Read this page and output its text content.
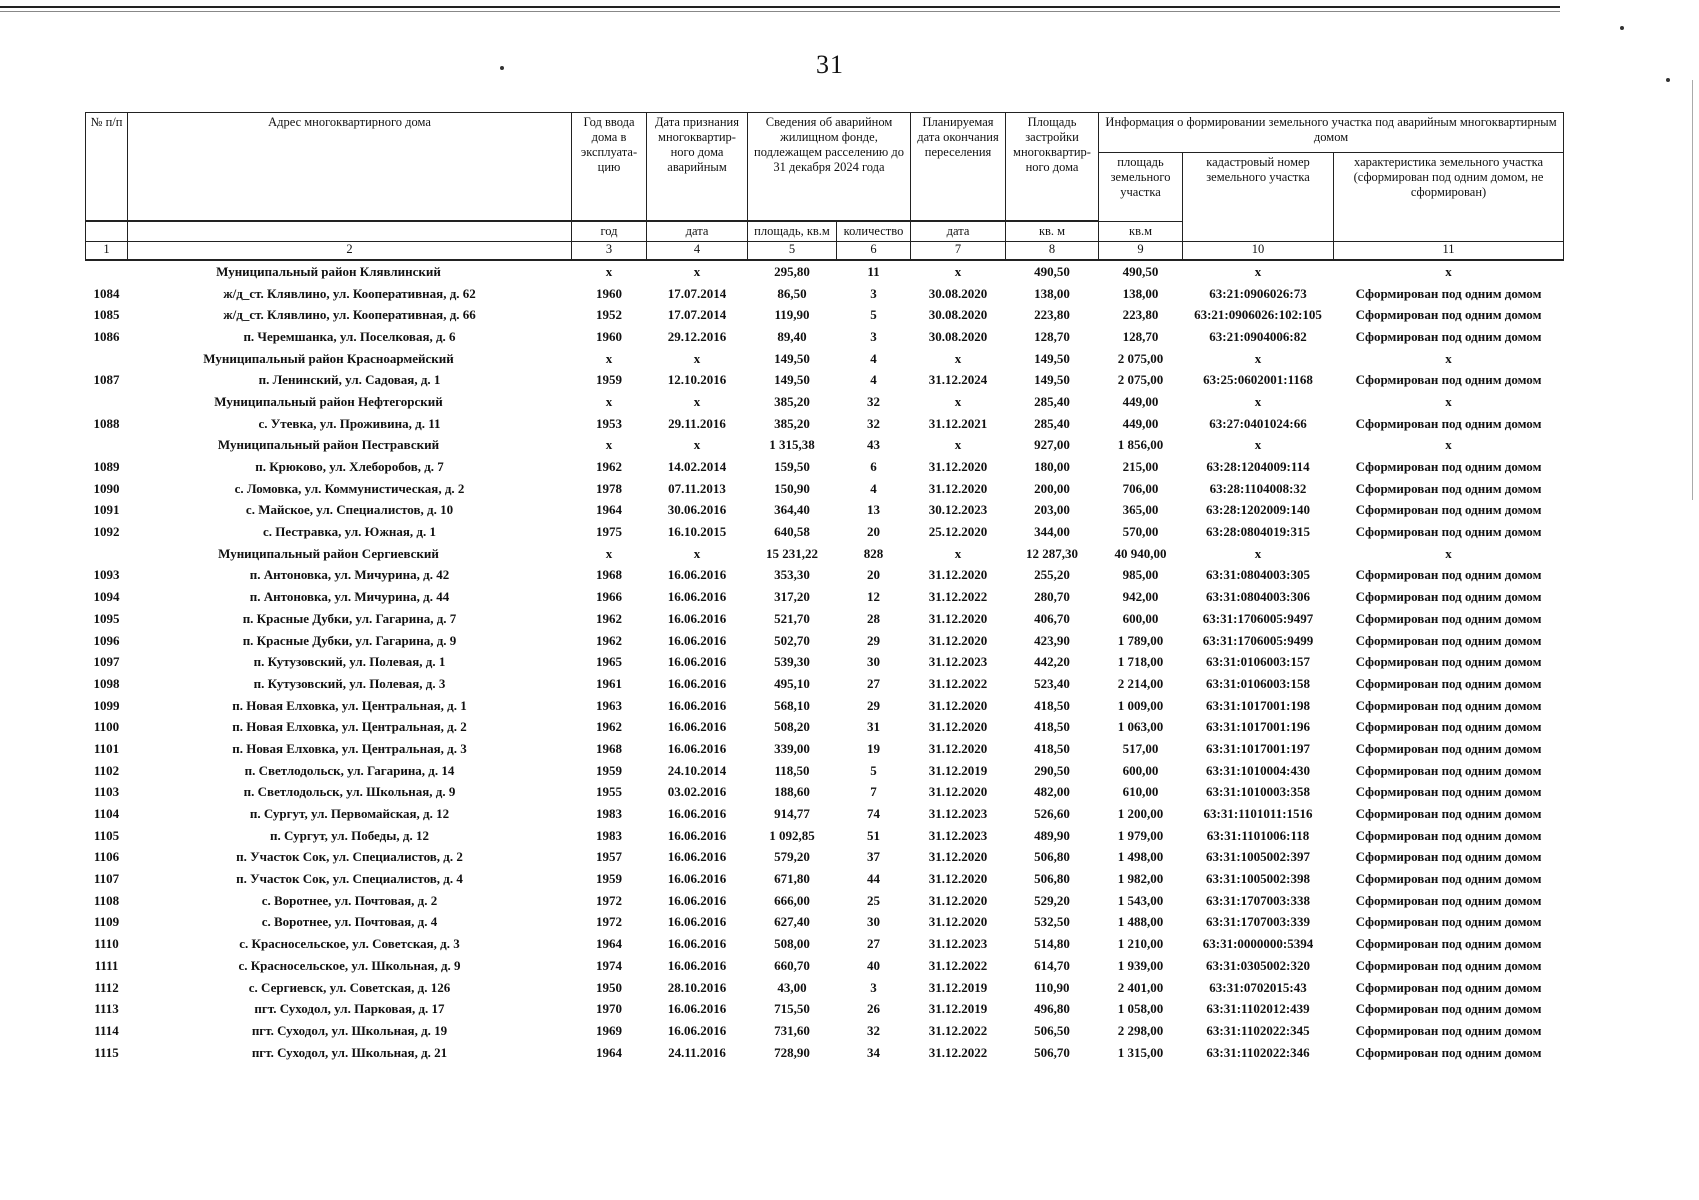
31
№ п/п	Адрес многоквартирного дома	Год ввода дома в эксплуата-цию	Дата признания многоквартир-ного дома аварийным	Сведения об аварийном жилищном фонде, подлежащем расселению до 31 декабря 2024 года		Планируемая дата окончания переселения	Площадь застройки многоквартир-ного дома	Информация о формировании земельного участка под аварийным многоквартирным домом		
								площадь земельного участка	кадастровый номер земельного участка	характеристика земельного участка (сформирован под одним домом, не сформирован)

		год	дата	площадь, кв.м	количество	дата	кв. м	кв.м		
1	2	3	4	5	6	7	8	9	10	11
Муниципальный район Клявлинский		x	x	295,80	11	x	490,50	490,50	x	x
1084	ж/д_ст. Клявлино, ул. Кооперативная, д. 62	1960	17.07.2014	86,50	3	30.08.2020	138,00	138,00	63:21:0906026:73	Сформирован под одним домом
1085	ж/д_ст. Клявлино, ул. Кооперативная, д. 66	1952	17.07.2014	119,90	5	30.08.2020	223,80	223,80	63:21:0906026:102:105	Сформирован под одним домом
1086	п. Черемшанка, ул. Поселковая, д. 6	1960	29.12.2016	89,40	3	30.08.2020	128,70	128,70	63:21:0904006:82	Сформирован под одним домом
Муниципальный район Красноармейский		x	x	149,50	4	x	149,50	2 075,00	x	x
1087	п. Ленинский, ул. Садовая, д. 1	1959	12.10.2016	149,50	4	31.12.2024	149,50	2 075,00	63:25:0602001:1168	Сформирован под одним домом
Муниципальный район Нефтегорский		x	x	385,20	32	x	285,40	449,00	x	x
1088	с. Утевка, ул. Проживина, д. 11	1953	29.11.2016	385,20	32	31.12.2021	285,40	449,00	63:27:0401024:66	Сформирован под одним домом
Муниципальный район Пестравский		x	x	1 315,38	43	x	927,00	1 856,00	x	x
1089	п. Крюково, ул. Хлеборобов, д. 7	1962	14.02.2014	159,50	6	31.12.2020	180,00	215,00	63:28:1204009:114	Сформирован под одним домом
1090	с. Ломовка, ул. Коммунистическая, д. 2	1978	07.11.2013	150,90	4	31.12.2020	200,00	706,00	63:28:1104008:32	Сформирован под одним домом
1091	с. Майское, ул. Специалистов, д. 10	1964	30.06.2016	364,40	13	30.12.2023	203,00	365,00	63:28:1202009:140	Сформирован под одним домом
1092	с. Пестравка, ул. Южная, д. 1	1975	16.10.2015	640,58	20	25.12.2020	344,00	570,00	63:28:0804019:315	Сформирован под одним домом
Муниципальный район Сергиевский		x	x	15 231,22	828	x	12 287,30	40 940,00	x	x
1093	п. Антоновка, ул. Мичурина, д. 42	1968	16.06.2016	353,30	20	31.12.2020	255,20	985,00	63:31:0804003:305	Сформирован под одним домом
1094	п. Антоновка, ул. Мичурина, д. 44	1966	16.06.2016	317,20	12	31.12.2022	280,70	942,00	63:31:0804003:306	Сформирован под одним домом
1095	п. Красные Дубки, ул. Гагарина, д. 7	1962	16.06.2016	521,70	28	31.12.2020	406,70	600,00	63:31:1706005:9497	Сформирован под одним домом
1096	п. Красные Дубки, ул. Гагарина, д. 9	1962	16.06.2016	502,70	29	31.12.2020	423,90	1 789,00	63:31:1706005:9499	Сформирован под одним домом
1097	п. Кутузовский, ул. Полевая, д. 1	1965	16.06.2016	539,30	30	31.12.2023	442,20	1 718,00	63:31:0106003:157	Сформирован под одним домом
1098	п. Кутузовский, ул. Полевая, д. 3	1961	16.06.2016	495,10	27	31.12.2022	523,40	2 214,00	63:31:0106003:158	Сформирован под одним домом
1099	п. Новая Елховка, ул. Центральная, д. 1	1963	16.06.2016	568,10	29	31.12.2020	418,50	1 009,00	63:31:1017001:198	Сформирован под одним домом
1100	п. Новая Елховка, ул. Центральная, д. 2	1962	16.06.2016	508,20	31	31.12.2020	418,50	1 063,00	63:31:1017001:196	Сформирован под одним домом
1101	п. Новая Елховка, ул. Центральная, д. 3	1968	16.06.2016	339,00	19	31.12.2020	418,50	517,00	63:31:1017001:197	Сформирован под одним домом
1102	п. Светлодольск, ул. Гагарина, д. 14	1959	24.10.2014	118,50	5	31.12.2019	290,50	600,00	63:31:1010004:430	Сформирован под одним домом
1103	п. Светлодольск, ул. Школьная, д. 9	1955	03.02.2016	188,60	7	31.12.2020	482,00	610,00	63:31:1010003:358	Сформирован под одним домом
1104	п. Сургут, ул. Первомайская, д. 12	1983	16.06.2016	914,77	74	31.12.2023	526,60	1 200,00	63:31:1101011:1516	Сформирован под одним домом
1105	п. Сургут, ул. Победы, д. 12	1983	16.06.2016	1 092,85	51	31.12.2023	489,90	1 979,00	63:31:1101006:118	Сформирован под одним домом
1106	п. Участок Сок, ул. Специалистов, д. 2	1957	16.06.2016	579,20	37	31.12.2020	506,80	1 498,00	63:31:1005002:397	Сформирован под одним домом
1107	п. Участок Сок, ул. Специалистов, д. 4	1959	16.06.2016	671,80	44	31.12.2020	506,80	1 982,00	63:31:1005002:398	Сформирован под одним домом
1108	с. Воротнее, ул. Почтовая, д. 2	1972	16.06.2016	666,00	25	31.12.2020	529,20	1 543,00	63:31:1707003:338	Сформирован под одним домом
1109	с. Воротнее, ул. Почтовая, д. 4	1972	16.06.2016	627,40	30	31.12.2020	532,50	1 488,00	63:31:1707003:339	Сформирован под одним домом
1110	с. Красносельское, ул. Советская, д. 3	1964	16.06.2016	508,00	27	31.12.2023	514,80	1 210,00	63:31:0000000:5394	Сформирован под одним домом
1111	с. Красносельское, ул. Школьная, д. 9	1974	16.06.2016	660,70	40	31.12.2022	614,70	1 939,00	63:31:0305002:320	Сформирован под одним домом
1112	с. Сергиевск, ул. Советская, д. 126	1950	28.10.2016	43,00	3	31.12.2019	110,90	2 401,00	63:31:0702015:43	Сформирован под одним домом
1113	пгт. Суходол, ул. Парковая, д. 17	1970	16.06.2016	715,50	26	31.12.2019	496,80	1 058,00	63:31:1102012:439	Сформирован под одним домом
1114	пгт. Суходол, ул. Школьная, д. 19	1969	16.06.2016	731,60	32	31.12.2022	506,50	2 298,00	63:31:1102022:345	Сформирован под одним домом
1115	пгт. Суходол, ул. Школьная, д. 21	1964	24.11.2016	728,90	34	31.12.2022	506,70	1 315,00	63:31:1102022:346	Сформирован под одним домом
